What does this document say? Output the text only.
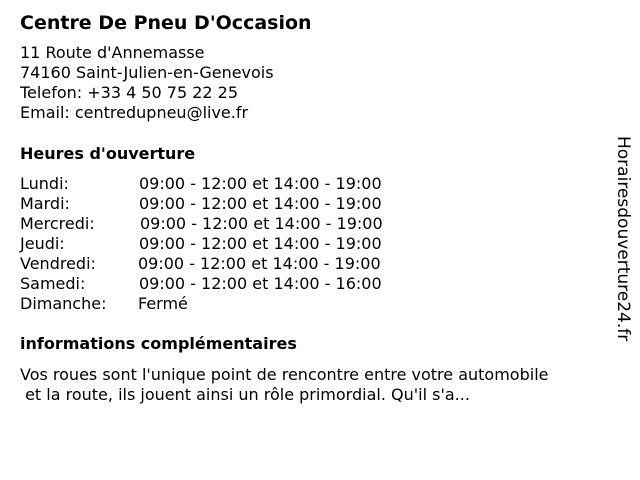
Centre De Pneu D'Occasion
11 Route d'Annemasse
74160 Saint-Julien-en-Genevois
Telefon: +33 4 50 75 22 25
Email: centredupneu@live.fr
Heures d'ouverture
Lundi:	09:00 - 12:00 et 14:00 - 19:00
Mardi:	09:00 - 12:00 et 14:00 - 19:00
Mercredi:	09:00 - 12:00 et 14:00 - 19:00
Jeudi:	09:00 - 12:00 et 14:00 - 19:00
Vendredi:	09:00 - 12:00 et 14:00 - 19:00
Samedi:	09:00 - 12:00 et 14:00 - 16:00
Dimanche: Fermé
informations complémentaires
Vos roues sont l'unique point de rencontre entre votre automobile
et la route, ils jouent ainsi un rôle primordial. Qu'il s'a...
Horairesdouverture24.fr
